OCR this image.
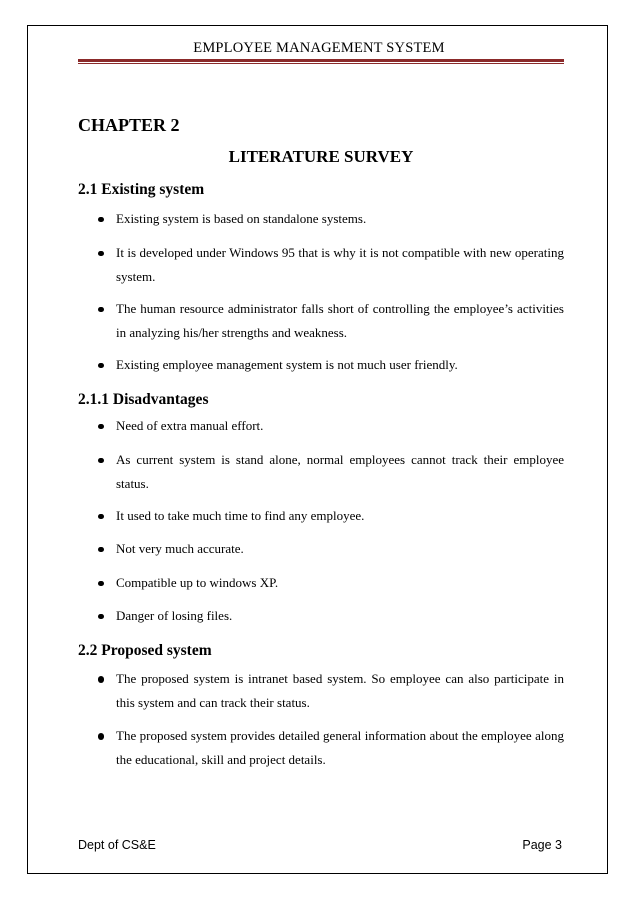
EMPLOYEE MANAGEMENT SYSTEM
CHAPTER 2
LITERATURE SURVEY
2.1 Existing system
Existing system is based on standalone systems.
It is developed under Windows 95 that is why it is not compatible with new operating system.
The human resource administrator falls short of controlling the employee’s activities in analyzing his/her strengths and weakness.
Existing employee management system is not much user friendly.
2.1.1 Disadvantages
Need of extra manual effort.
As current system is stand alone, normal employees cannot track their employee status.
It used to take much time to find any employee.
Not very much accurate.
Compatible up to windows XP.
Danger of losing files.
2.2 Proposed system
The proposed system is intranet based system. So employee can also participate in this system and can track their status.
The proposed system provides detailed general information about the employee along the educational, skill and project details.
Dept of CS&E	Page 3
